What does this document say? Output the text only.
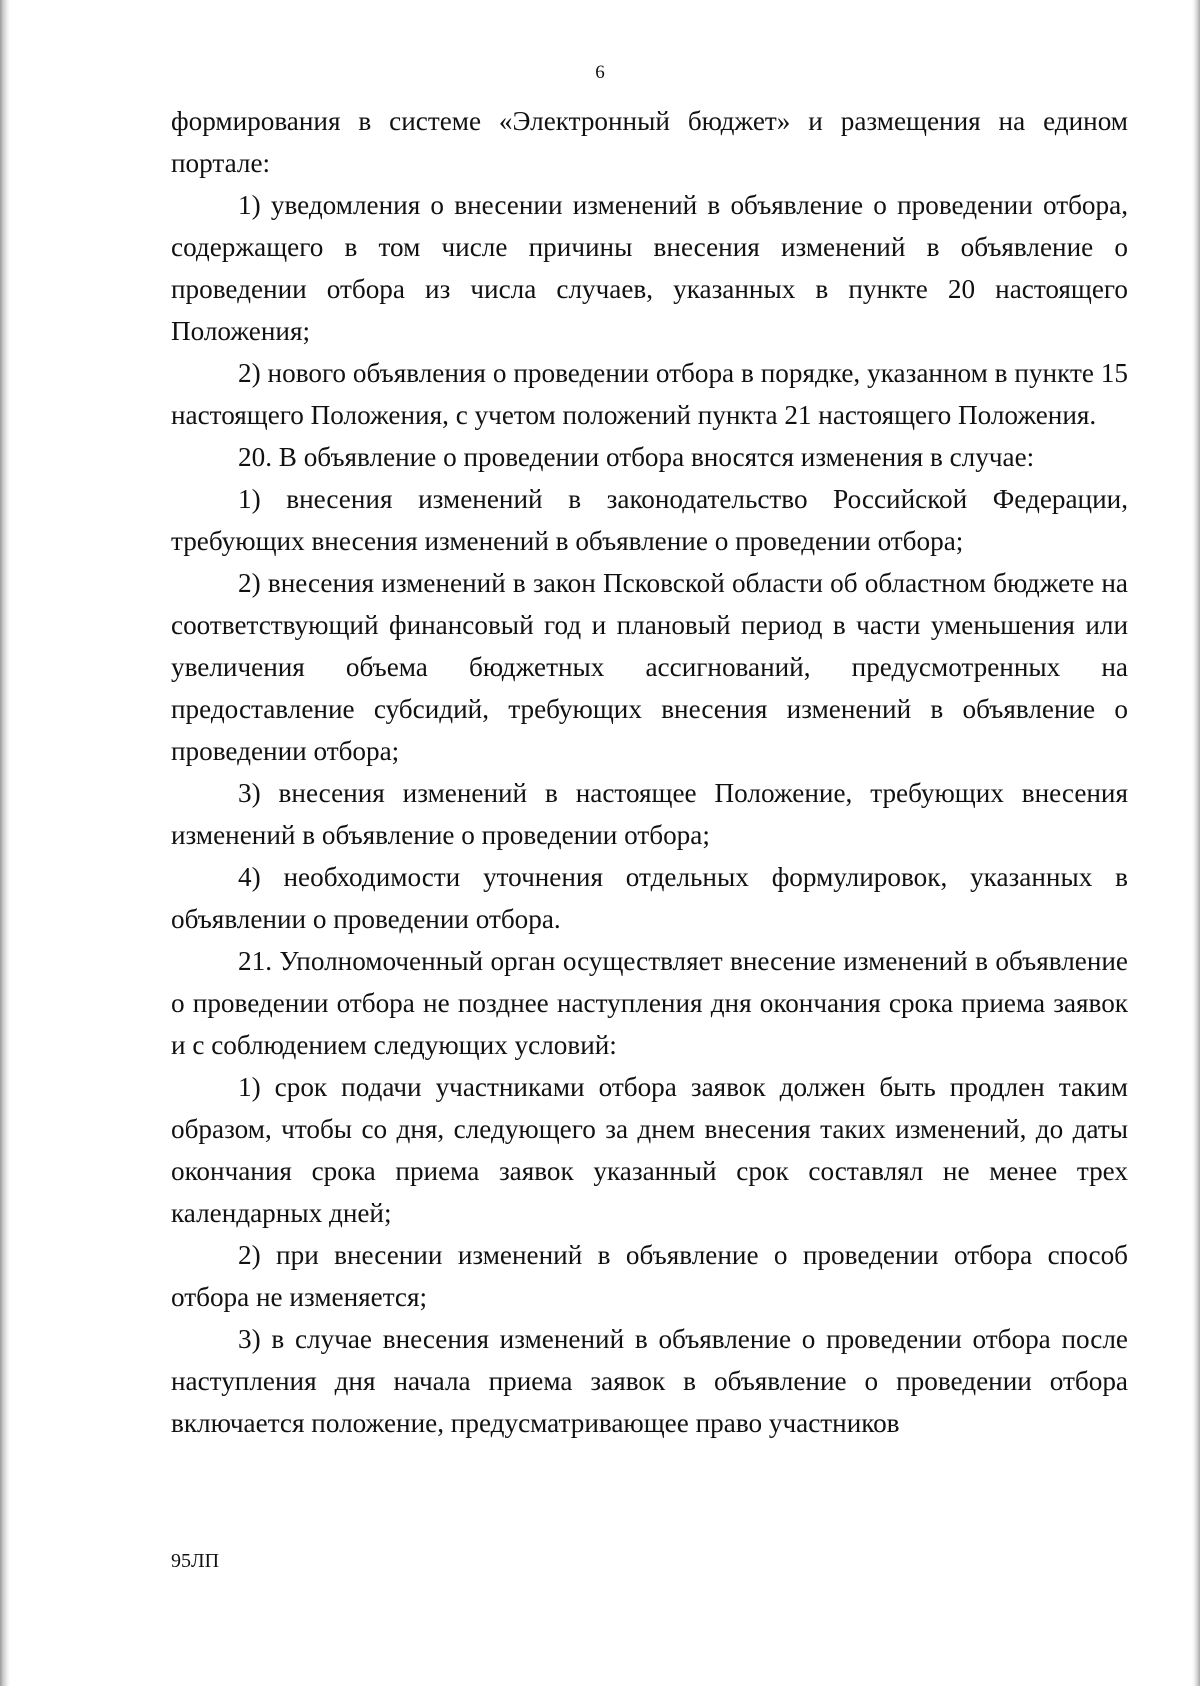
6

формирования в системе «Электронный бюджет» и размещения на едином портале:

1) уведомления о внесении изменений в объявление о проведении отбора, содержащего в том числе причины внесения изменений в объявление о проведении отбора из числа случаев, указанных в пункте 20 настоящего Положения;

2) нового объявления о проведении отбора в порядке, указанном в пункте 15 настоящего Положения, с учетом положений пункта 21 настоящего Положения.

20. В объявление о проведении отбора вносятся изменения в случае:

1) внесения изменений в законодательство Российской Федерации, требующих внесения изменений в объявление о проведении отбора;

2) внесения изменений в закон Псковской области об областном бюджете на соответствующий финансовый год и плановый период в части уменьшения или увеличения объема бюджетных ассигнований, предусмотренных на предоставление субсидий, требующих внесения изменений в объявление о проведении отбора;

3) внесения изменений в настоящее Положение, требующих внесения изменений в объявление о проведении отбора;

4) необходимости уточнения отдельных формулировок, указанных в объявлении о проведении отбора.

21. Уполномоченный орган осуществляет внесение изменений в объявление о проведении отбора не позднее наступления дня окончания срока приема заявок и с соблюдением следующих условий:

1) срок подачи участниками отбора заявок должен быть продлен таким образом, чтобы со дня, следующего за днем внесения таких изменений, до даты окончания срока приема заявок указанный срок составлял не менее трех календарных дней;

2) при внесении изменений в объявление о проведении отбора способ отбора не изменяется;

3) в случае внесения изменений в объявление о проведении отбора после наступления дня начала приема заявок в объявление о проведении отбора включается положение, предусматривающее право участников

95ЛП
